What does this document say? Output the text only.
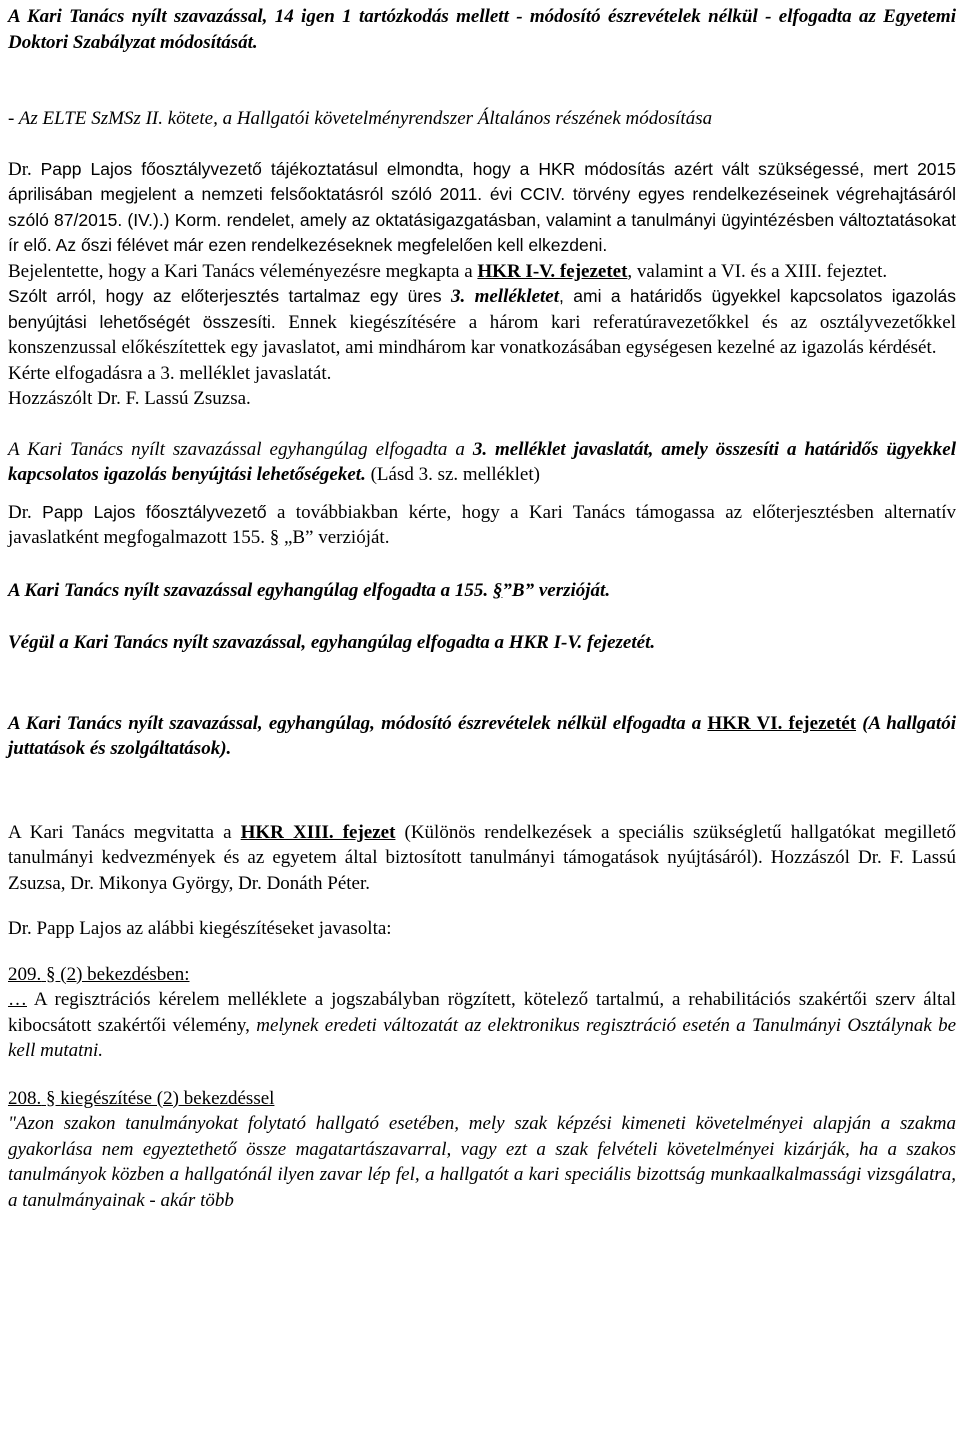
A Kari Tanács nyílt szavazással, 14 igen 1 tartózkodás mellett - módosító észrevételek nélkül - elfogadta az Egyetemi Doktori Szabályzat módosítását.

- Az ELTE SzMSz II. kötete, a Hallgatói követelményrendszer Általános részének módosítása

Dr. Papp Lajos főosztályvezető tájékoztatásul elmondta, hogy a HKR módosítás azért vált szükségessé, mert 2015 áprilisában megjelent a nemzeti felsőoktatásról szóló 2011. évi CCIV. törvény egyes rendelkezéseinek végrehajtásáról szóló 87/2015. (IV.).) Korm. rendelet, amely az oktatásigazgatásban, valamint a tanulmányi ügyintézésben változtatásokat ír elő. Az őszi félévet már ezen rendelkezéseknek megfelelően kell elkezdeni.

Bejelentette, hogy a Kari Tanács véleményezésre megkapta a HKR I-V. fejezetet, valamint a VI. és a XIII. fejeztet.

Szólt arról, hogy az előterjesztés tartalmaz egy üres 3. mellékletet, ami a határidős ügyekkel kapcsolatos igazolás benyújtási lehetőségét összesíti. Ennek kiegészítésére a három kari referatúravezetőkkel és az osztályvezetőkkel konszenzussal előkészítettek egy javaslatot, ami mindhárom kar vonatkozásában egységesen kezelné az igazolás kérdését.

Kérte elfogadásra a 3. melléklet javaslatát.

Hozzászólt Dr. F. Lassú Zsuzsa.

A Kari Tanács nyílt szavazással egyhangúlag elfogadta a 3. melléklet javaslatát, amely összesíti a határidős ügyekkel kapcsolatos igazolás benyújtási lehetőségeket. (Lásd 3. sz. melléklet)

Dr. Papp Lajos főosztályvezető a továbbiakban kérte, hogy a Kari Tanács támogassa az előterjesztésben alternatív javaslatként megfogalmazott 155. § „B” verzióját.

A Kari Tanács nyílt szavazással egyhangúlag elfogadta a 155. §”B” verzióját.

Végül a Kari Tanács nyílt szavazással, egyhangúlag elfogadta a HKR I-V. fejezetét.

A Kari Tanács nyílt szavazással, egyhangúlag, módosító észrevételek nélkül elfogadta a HKR VI. fejezetét (A hallgatói juttatások és szolgáltatások).

A Kari Tanács megvitatta a HKR XIII. fejezet (Különös rendelkezések a speciális szükségletű hallgatókat megillető tanulmányi kedvezmények és az egyetem által biztosított tanulmányi támogatások nyújtásáról). Hozzászól Dr. F. Lassú Zsuzsa, Dr. Mikonya György, Dr. Donáth Péter.

Dr. Papp Lajos az alábbi kiegészítéseket javasolta:

209. § (2) bekezdésben:

… A regisztrációs kérelem melléklete a jogszabályban rögzített, kötelező tartalmú, a rehabilitációs szakértői szerv által kibocsátott szakértői vélemény, melynek eredeti változatát az elektronikus regisztráció esetén a Tanulmányi Osztálynak be kell mutatni.

208. § kiegészítése (2) bekezdéssel

"Azon szakon tanulmányokat folytató hallgató esetében, mely szak képzési kimeneti követelményei alapján a szakma gyakorlása nem egyeztethető össze magatartászavarral, vagy ezt a szak felvételi követelményei kizárják, ha a szakos tanulmányok közben a hallgatónál ilyen zavar lép fel, a hallgatót a kari speciális bizottság munkaalkalmassági vizsgálatra, a tanulmányainak - akár több
